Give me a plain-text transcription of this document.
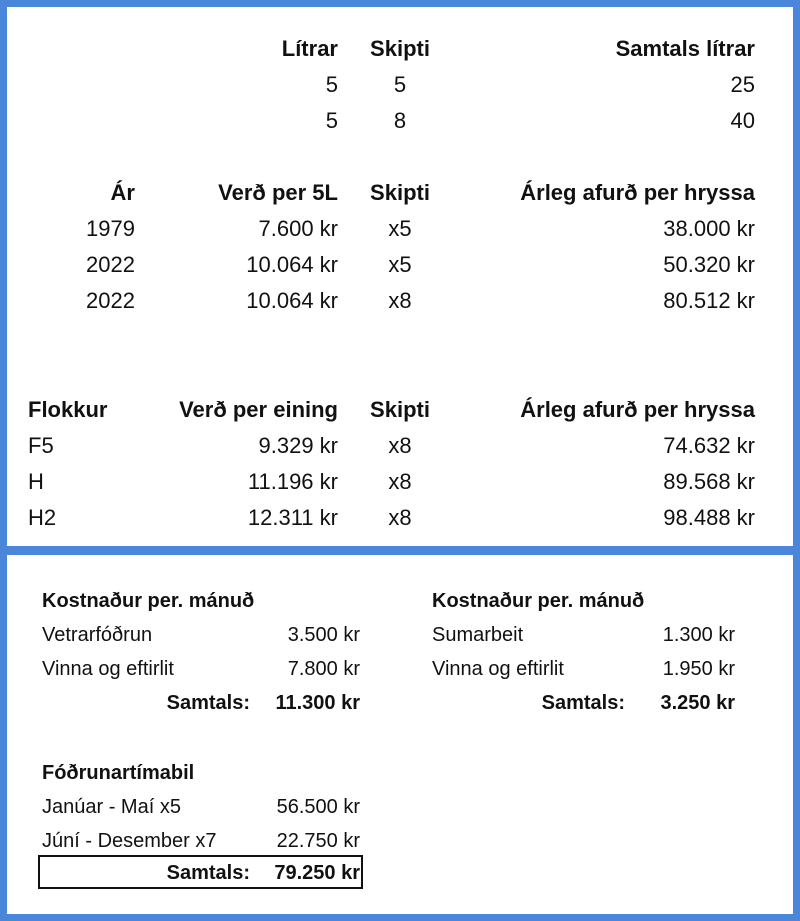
Lítrar	Skipti	Samtals lítrar
5	5	25
5	8	40
Ár	Verð per 5L	Skipti	Árleg afurð per hryssa
1979	7.600 kr	x5	38.000 kr
2022	10.064 kr	x5	50.320 kr
2022	10.064 kr	x8	80.512 kr
Flokkur	Verð per eining	Skipti	Árleg afurð per hryssa
F5	9.329 kr	x8	74.632 kr
H	11.196 kr	x8	89.568 kr
H2	12.311 kr	x8	98.488 kr
Kostnaður per. mánuð
Vetrarfóðrun	3.500 kr
Vinna og eftirlit	7.800 kr
Samtals:	11.300 kr
Kostnaður per. mánuð
Sumarbeit	1.300 kr
Vinna og eftirlit	1.950 kr
Samtals:	3.250 kr
Fóðrunartímabil
Janúar - Maí x5	56.500 kr
Júní - Desember x7	22.750 kr
Samtals:	79.250 kr
